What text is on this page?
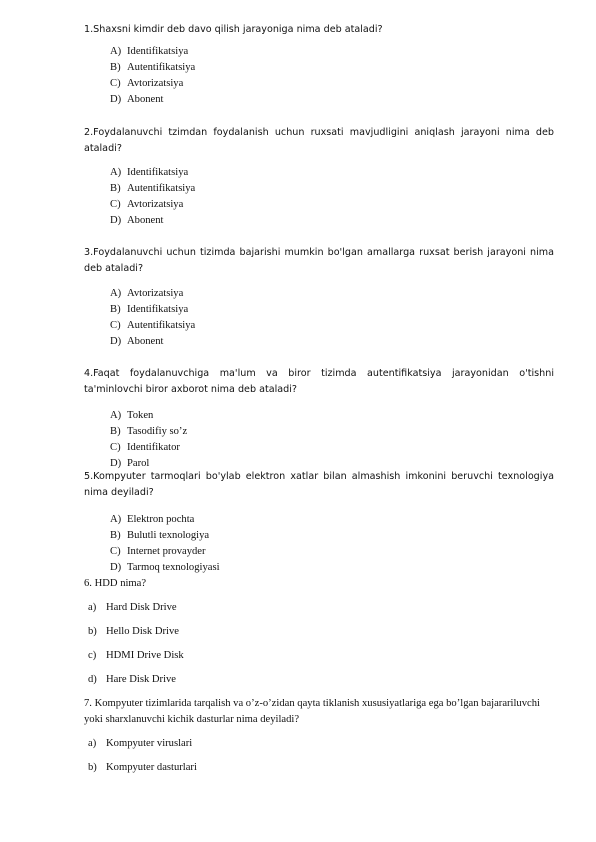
1.Shaxsni kimdir deb davo qilish jarayoniga nima deb ataladi?
A) Identifikatsiya
B) Autentifikatsiya
C) Avtorizatsiya
D) Abonent
2.Foydalanuvchi tzimdan foydalanish uchun ruxsati mavjudligini aniqlash jarayoni nima deb ataladi?
A) Identifikatsiya
B) Autentifikatsiya
C) Avtorizatsiya
D) Abonent
3.Foydalanuvchi uchun tizimda bajarishi mumkin bo'lgan amallarga ruxsat berish jarayoni nima deb ataladi?
A) Avtorizatsiya
B) Identifikatsiya
C) Autentifikatsiya
D) Abonent
4.Faqat foydalanuvchiga ma'lum va biror tizimda autentifikatsiya jarayonidan o'tishni ta'minlovchi biror axborot nima deb ataladi?
A) Token
B) Tasodifiy so’z
C) Identifikator
D) Parol
5.Kompyuter tarmoqlari bo'ylab elektron xatlar bilan almashish imkonini beruvchi texnologiya nima deyiladi?
A) Elektron pochta
B) Bulutli texnologiya
C) Internet provayder
D) Tarmoq texnologiyasi
6. HDD nima?
a) Hard Disk Drive
b) Hello Disk Drive
c) HDMI Drive Disk
d) Hare Disk Drive
7. Kompyuter tizimlarida tarqalish va o’z-o’zidan qayta tiklanish xususiyatlariga ega bo’lgan bajarariluvchi yoki sharxlanuvchi kichik dasturlar nima deyiladi?
a) Kompyuter viruslari
b) Kompyuter dasturlari
